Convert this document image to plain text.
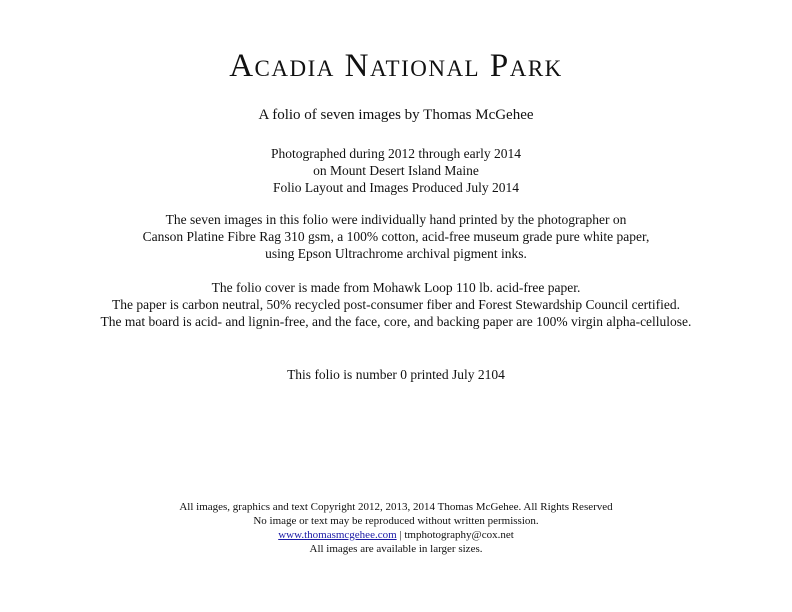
Acadia National Park
A folio of seven images by Thomas McGehee
Photographed during 2012 through early 2014
on Mount Desert Island Maine
Folio Layout and Images Produced July 2014
The seven images in this folio were individually hand printed by the photographer on
Canson Platine Fibre Rag 310 gsm, a 100% cotton, acid-free museum grade pure white paper,
using Epson Ultrachrome archival pigment inks.
The folio cover is made from Mohawk Loop 110 lb. acid-free paper.
The paper is carbon neutral, 50% recycled post-consumer fiber and Forest Stewardship Council certified.
The mat board is acid- and lignin-free, and the face, core, and backing paper are 100% virgin alpha-cellulose.
This folio is number 0 printed July 2104
All images, graphics and text Copyright 2012, 2013, 2014 Thomas McGehee. All Rights Reserved
No image or text may be reproduced without written permission.
www.thomasmcgehee.com | tmphotography@cox.net
All images are available in larger sizes.
